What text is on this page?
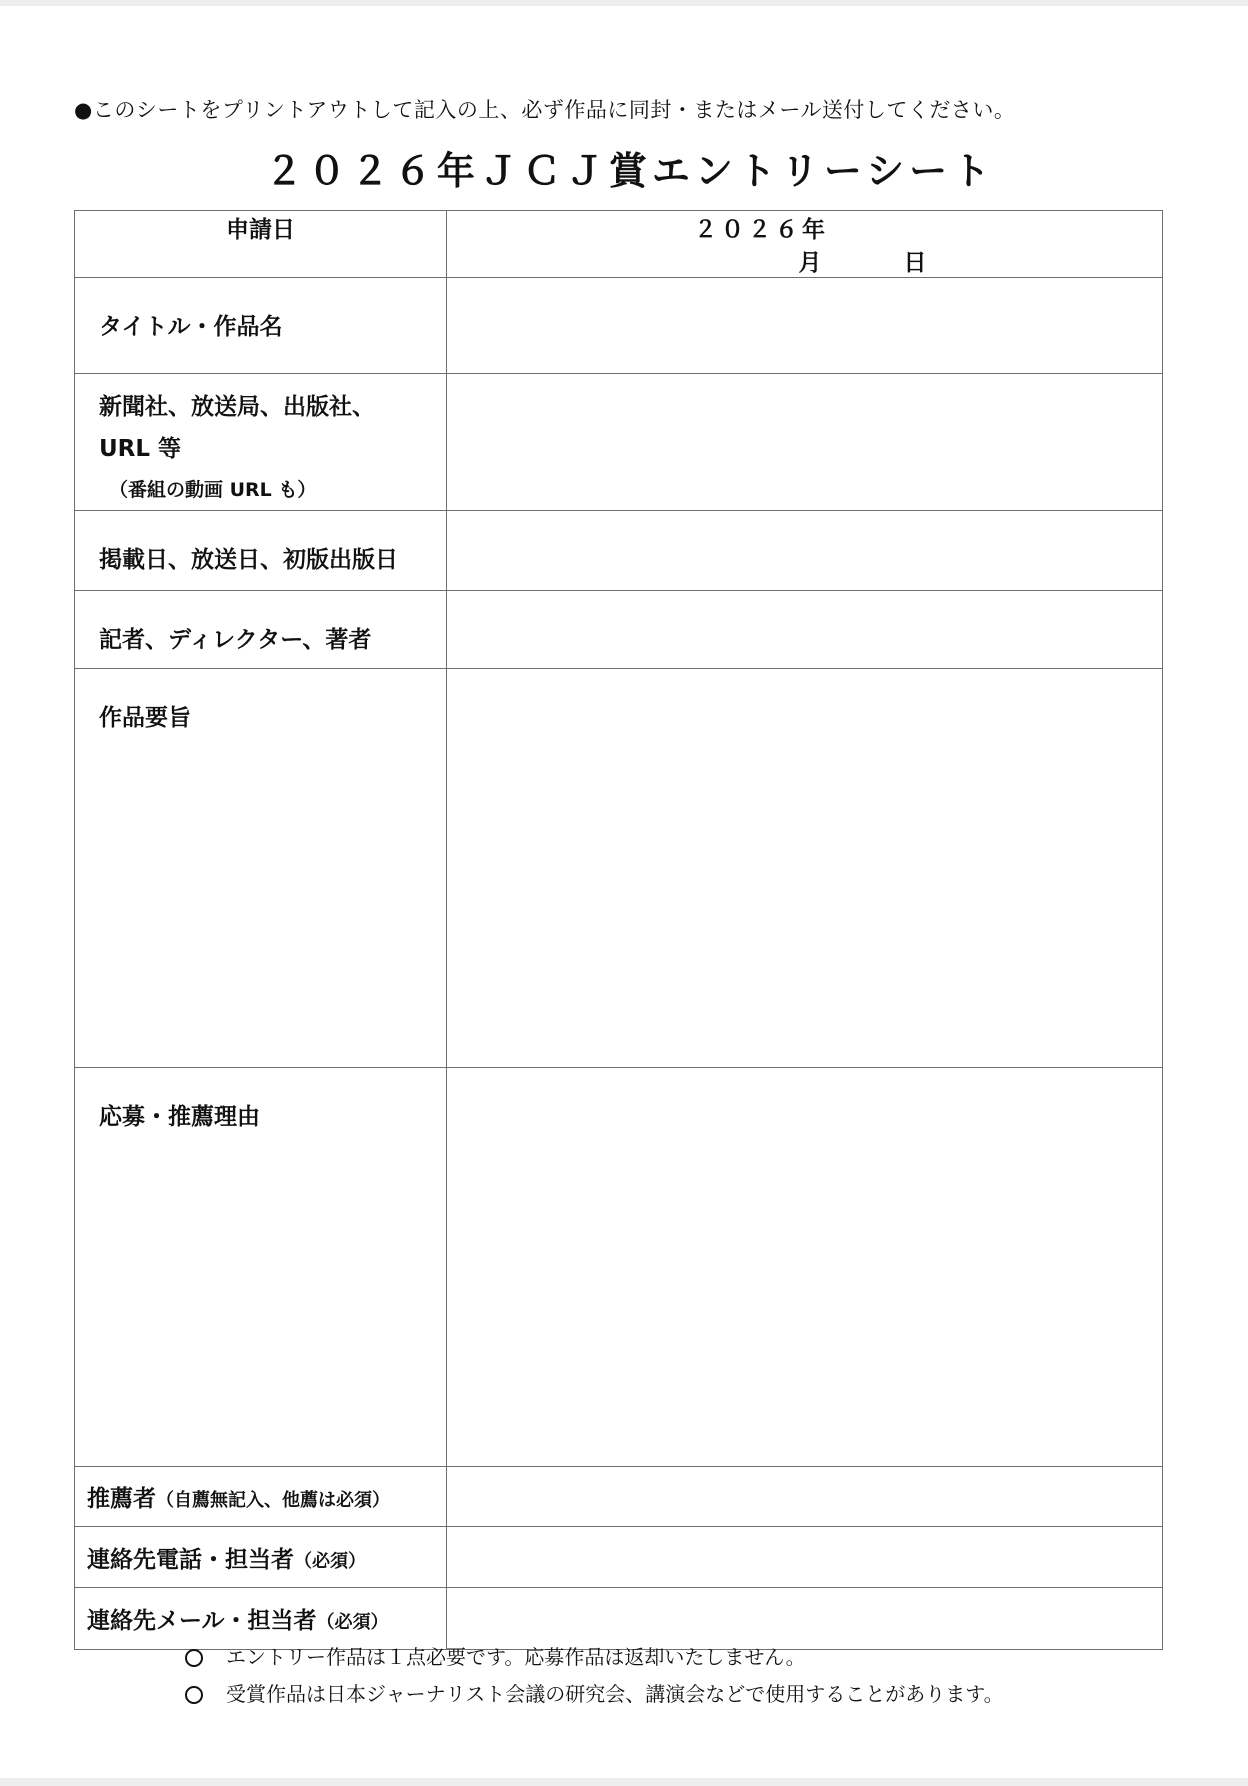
●このシートをプリントアウトして記入の上、必ず作品に同封・またはメール送付してください。
２０２６年ＪＣＪ賞エントリーシート
申請日	２０２６年月 日
タイトル・作品名	

新聞社、放送局、出版社、
URL 等
（番組の動画 URL も）	

掲載日、放送日、初版出版日	
記者、ディレクター、著者	
作品要旨	
応募・推薦理由	
推薦者（自薦無記入、他薦は必須）	
連絡先電話・担当者（必須）	
連絡先メール・担当者（必須）	
エントリー作品は１点必要です。応募作品は返却いたしません。
受賞作品は日本ジャーナリスト会議の研究会、講演会などで使用することがあります。
